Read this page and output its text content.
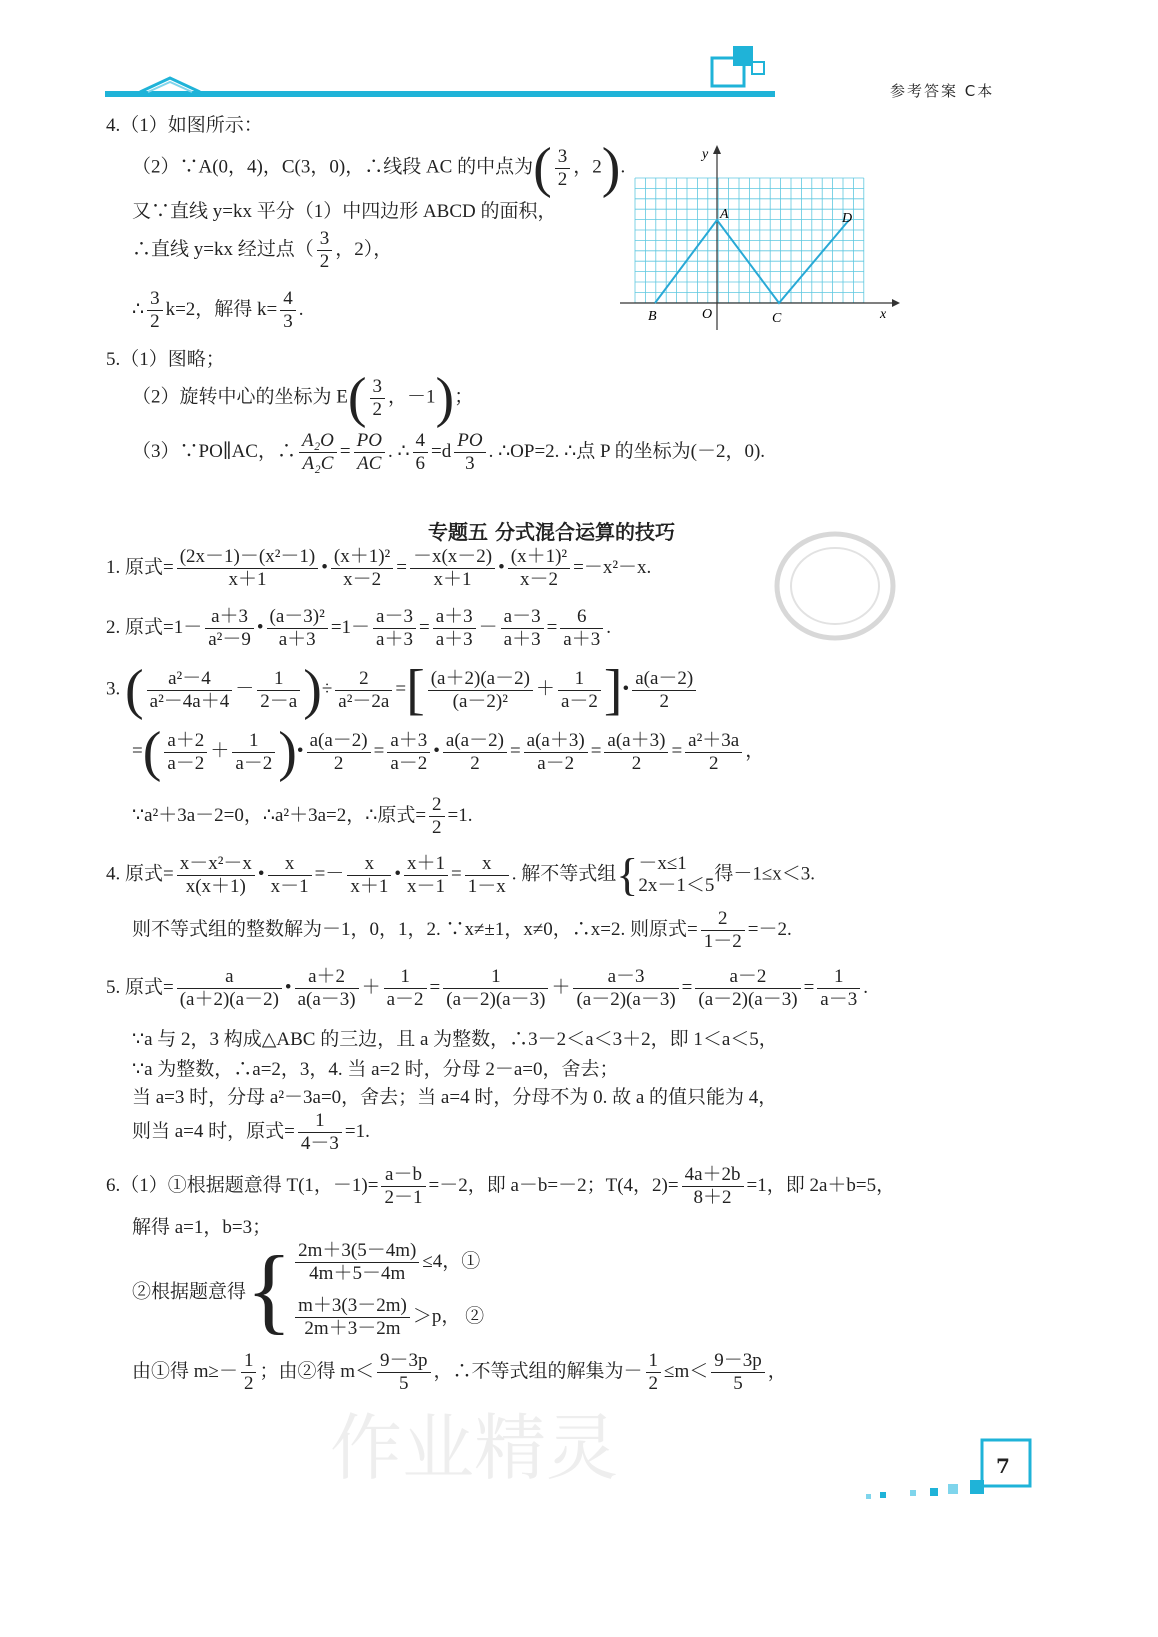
参考答案 C本
4.（1）如图所示：
（2）∵A(0，4)，C(3，0)，∴线段 AC 的中点为( $\frac{3}{2}$ ，2).
又∵直线 y=kx 平分（1）中四边形 ABCD 的面积，
∴直线 y=kx 经过点（ $\frac{3}{2}$ ，2），
∴ $\frac{3}{2} k=2$，解得 $k= \frac{4}{3}$ .
y
x
A
B	C
D
O
5.（1）图略；
（2）旋转中心的坐标为 $E( \frac{3}{2}$ ，－1)；
（3）∵PO∥AC，∴ $\frac{\text{A₂O}}{\text{A₂C}} = \frac{PO}{AC}$ . ∴ $\frac{4}{6} =d \frac{PO}{3}$ . ∴OP=2. ∴点 P 的坐标为(－2，0).
专题五 分式混合运算的技巧
1. 原式= $\frac{\text{(2x－1)－(x²－1)}}{x+1}$ • $\frac{\text{(x＋1)²}}{x-2} = \frac{-x(x-2)}{x+1}$ • $\frac{\text{(x＋1)²}}{x-2} =-x^2-x$.
2. 原式$=1- \frac{a+3}{\text{a²－9}}$ • $\frac{\text{(a－3)²}}{a+3} =1- \frac{a-3}{a+3} = \frac{a+3}{a+3} - \frac{a-3}{a+3} = \frac{6}{a+3}$ .
3. ( $\frac{\text{a²－4}}{\text{a²－4a＋4}} - \frac{1}{2-a}$ )÷ $\frac{2}{\text{a²－2a}}$ =[ $\frac{(a+2)(a-2)}{\text{(a－2)²}} + \frac{1}{a-2}$ ]• $\frac{a(a-2)}{2}$
=( $\frac{a+2}{a-2} + \frac{1}{a-2}$ )• $\frac{a(a-2)}{2} = \frac{a+3}{a-2}$ • $\frac{a(a-2)}{2} = \frac{a(a+3)}{a-2} = \frac{a(a+3)}{2} = \frac{\text{a²＋3a}}{2}$ ，
∵a²＋3a－2=0，∴a²＋3a=2，∴原式= $\frac{2}{2} =1$.
4. 原式= $\frac{\text{x－x²－x}}{x(x+1)}$ • $\frac{x}{x-1} =- \frac{x}{x+1}$ • $\frac{x+1}{x-1} = \frac{x}{1-x}$ . 解不等式组{ －x≤1
2x－1＜5
得－1≤x＜3.
则不等式组的整数解为－1，0，1，2. ∵x≠±1，x≠0，∴x=2. 则原式= $\frac{2}{1-2} =-2$.
5. 原式= $\frac{a}{(a+2)(a-2)}$ • $\frac{a+2}{a(a-3)} + \frac{1}{a-2} = \frac{1}{(a-2)(a-3)} + \frac{a-3}{(a-2)(a-3)} = \frac{a-2}{(a-2)(a-3)} = \frac{1}{a-3}$ .
∵a 与 2，3 构成△ABC 的三边，且 a 为整数，∴3－2＜a＜3＋2，即 1＜a＜5，
∵a 为整数，∴a=2，3，4. 当 a=2 时，分母 2－a=0，舍去；
当 a=3 时，分母 a²－3a=0，舍去；当 a=4 时，分母不为 0. 故 a 的值只能为 4，
则当 a=4 时，原式= $\frac{1}{4-3} =1$.
6.（1）①根据题意得 T(1，$-1)= \frac{a-b}{2-1} =-2$，即 a－b=－2；T(4，$2)= \frac{4a+2b}{8+2} =1$，即 2a＋b=5，
解得 a=1，b=3；
②根据题意得{ $\frac{2m+3(5-4m)}{4m+5-4m} \le 4$，①
$\frac{m+3(3-2m)}{2m+3-2m} >p$， ②
由①得 $m\ge- \frac{1}{2}$ ；由②得 $m< \frac{9-3p}{5}$ ，∴不等式组的解集为－ $\frac{1}{2} \le m< \frac{9-3p}{5}$ ，
作业精灵	7
